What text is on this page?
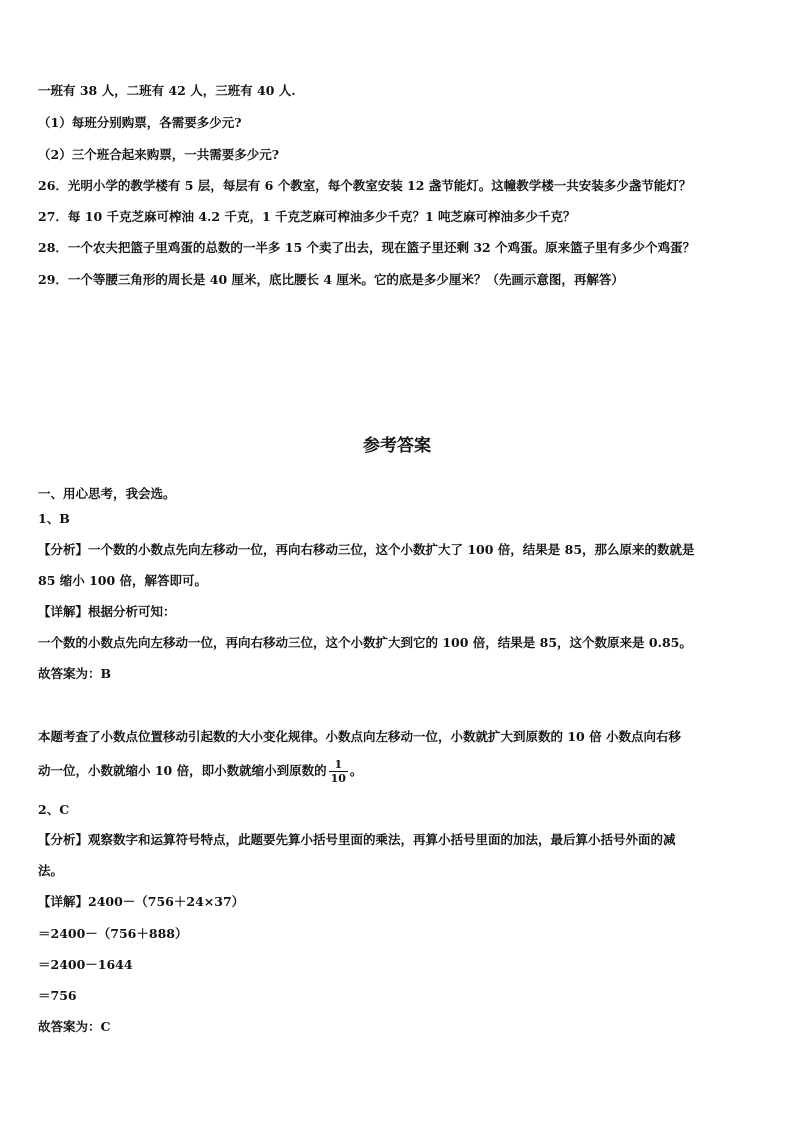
一班有 38 人，二班有 42 人，三班有 40 人.
（1）每班分别购票，各需要多少元?
（2）三个班合起来购票，一共需要多少元?
26．光明小学的教学楼有 5 层，每层有 6 个教室，每个教室安装 12 盏节能灯。这幢教学楼一共安装多少盏节能灯？
27．每 10 千克芝麻可榨油 4.2 千克，1 千克芝麻可榨油多少千克？1 吨芝麻可榨油多少千克？
28．一个农夫把篮子里鸡蛋的总数的一半多 15 个卖了出去，现在篮子里还剩 32 个鸡蛋。原来篮子里有多少个鸡蛋？
29．一个等腰三角形的周长是 40 厘米，底比腰长 4 厘米。它的底是多少厘米？（先画示意图，再解答）
参考答案
一、用心思考，我会选。
1、B
【分析】一个数的小数点先向左移动一位，再向右移动三位，这个小数扩大了 100 倍，结果是 85，那么原来的数就是
85 缩小 100 倍，解答即可。
【详解】根据分析可知：
一个数的小数点先向左移动一位，再向右移动三位，这个小数扩大到它的 100 倍，结果是 85，这个数原来是 0.85。
故答案为：B
本题考查了小数点位置移动引起数的大小变化规律。小数点向左移动一位，小数就扩大到原数的 10 倍 小数点向右移
动一位，小数就缩小 10 倍，即小数就缩小到原数的 $\frac{1}{10}$ 。
2、C
【分析】观察数字和运算符号特点，此题要先算小括号里面的乘法，再算小括号里面的加法，最后算小括号外面的减
法。
【详解】2400－（756＋24×37）
＝2400－（756＋888）
＝2400－1644
＝756
故答案为：C
